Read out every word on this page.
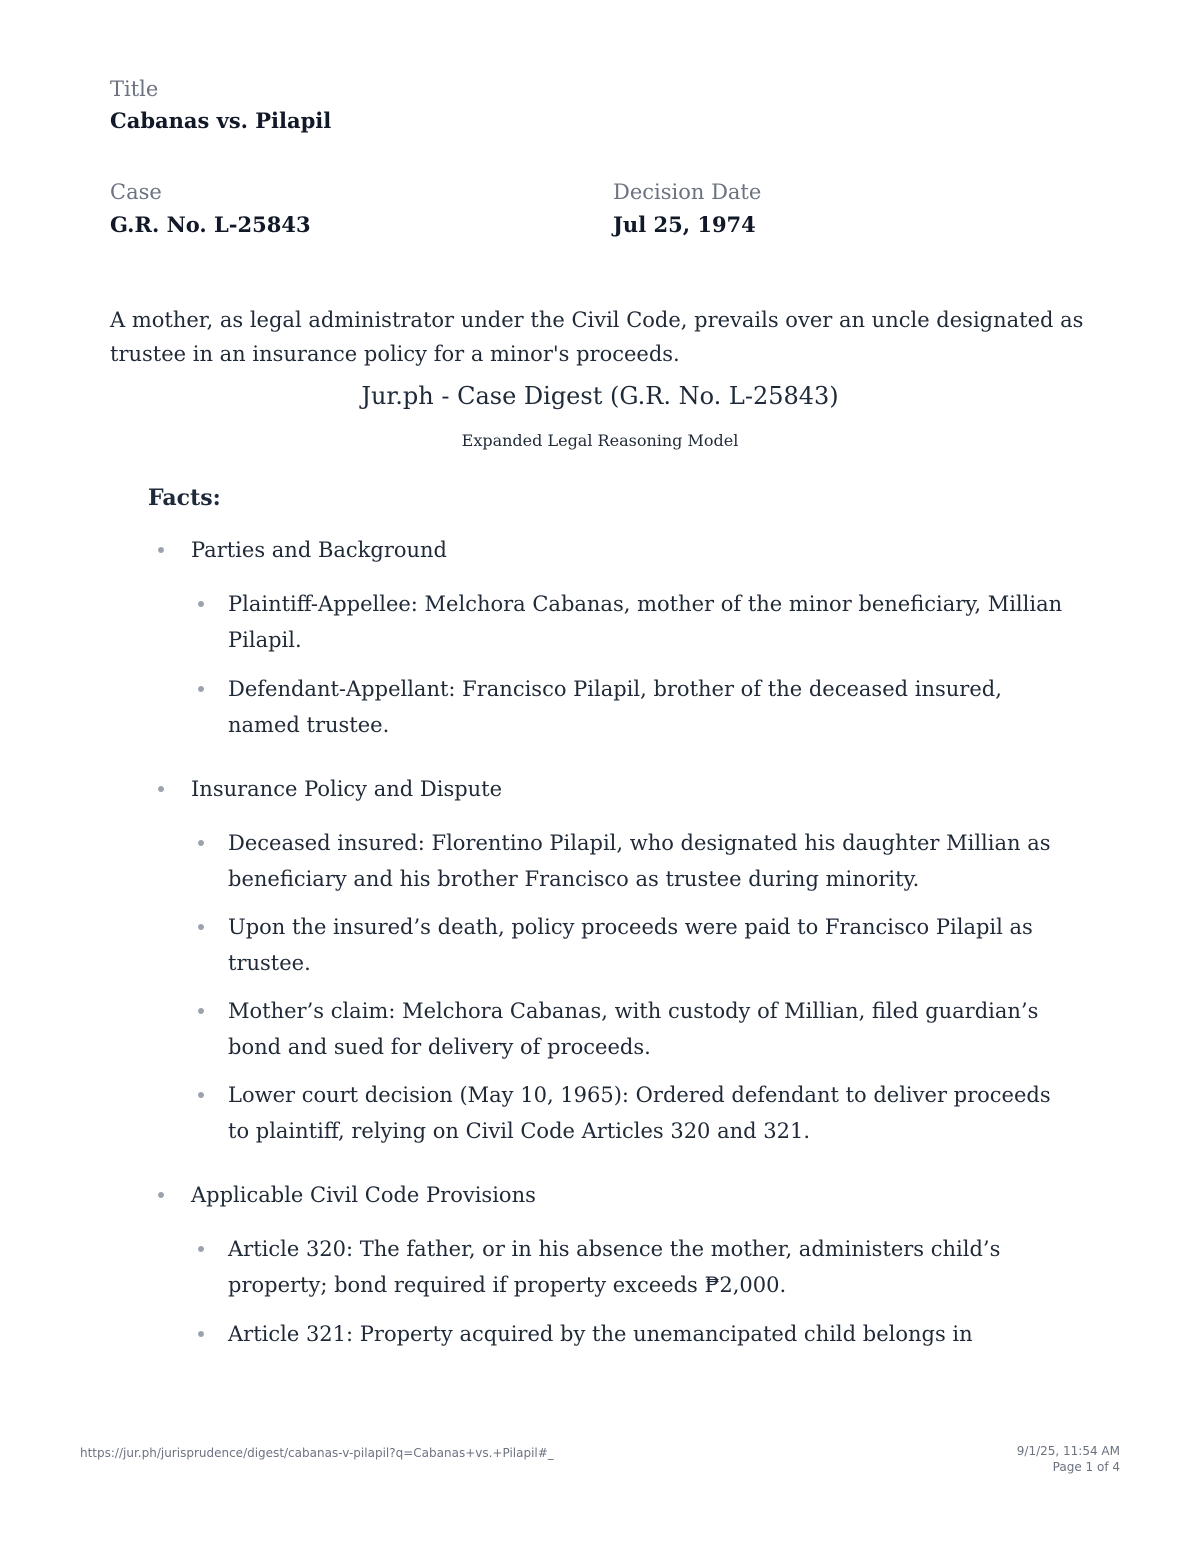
Title
Cabanas vs. Pilapil
Case
G.R. No. L-25843
Decision Date
Jul 25, 1974

A mother, as legal administrator under the Civil Code, prevails over an uncle designated as trustee in an insurance policy for a minor's proceeds.

Jur.ph - Case Digest (G.R. No. L-25843)
Expanded Legal Reasoning Model
Facts:
Parties and Background
Plaintiff-Appellee: Melchora Cabanas, mother of the minor beneficiary, Millian Pilapil.
Defendant-Appellant: Francisco Pilapil, brother of the deceased insured, named trustee.
Insurance Policy and Dispute
Deceased insured: Florentino Pilapil, who designated his daughter Millian as beneficiary and his brother Francisco as trustee during minority.
Upon the insured’s death, policy proceeds were paid to Francisco Pilapil as trustee.
Mother’s claim: Melchora Cabanas, with custody of Millian, filed guardian’s bond and sued for delivery of proceeds.
Lower court decision (May 10, 1965): Ordered defendant to deliver proceeds to plaintiff, relying on Civil Code Articles 320 and 321.
Applicable Civil Code Provisions
Article 320: The father, or in his absence the mother, administers child’s property; bond required if property exceeds ₱2,000.
Article 321: Property acquired by the unemancipated child belongs in
https://jur.ph/jurisprudence/digest/cabanas-v-pilapil?q=Cabanas+vs.+Pilapil#_	9/1/25, 11:54 AM
Page 1 of 4
